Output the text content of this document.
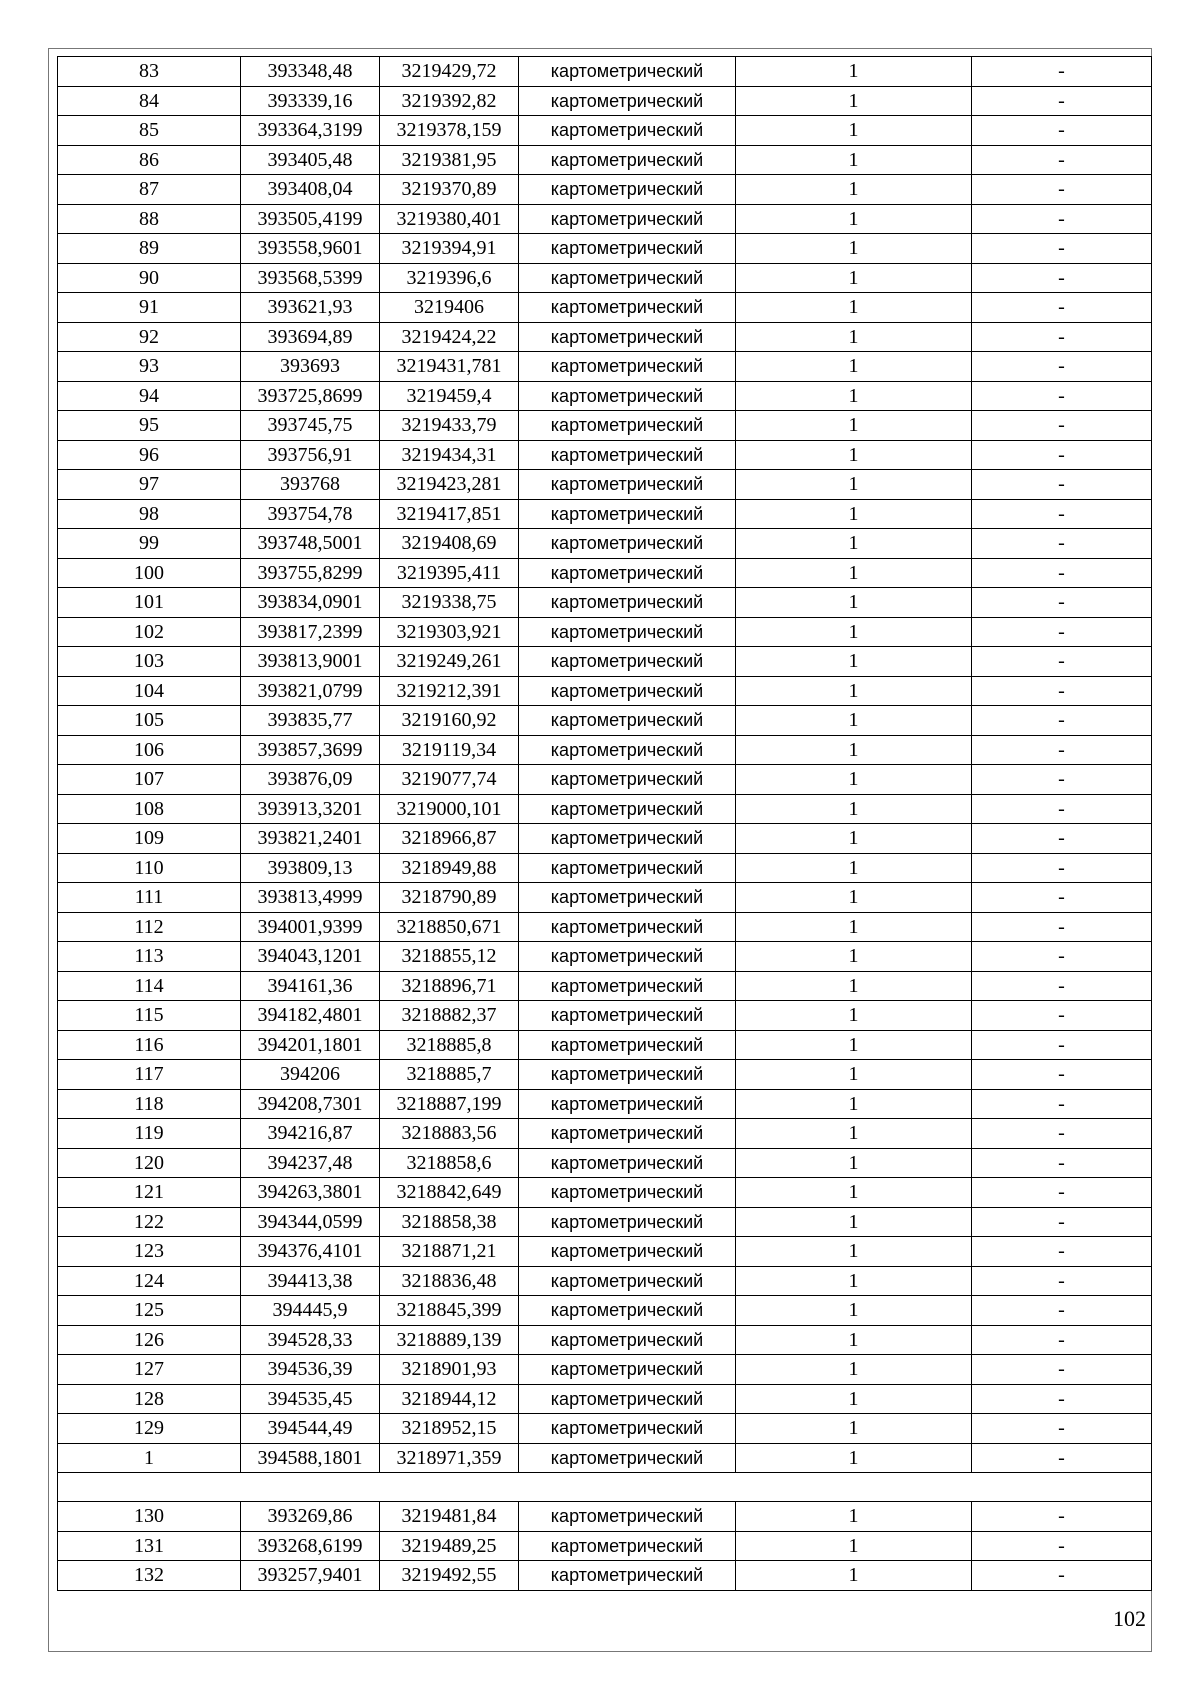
83	393348,48	3219429,72	картометрический	1	-
84	393339,16	3219392,82	картометрический	1	-
85	393364,3199	3219378,159	картометрический	1	-
86	393405,48	3219381,95	картометрический	1	-
87	393408,04	3219370,89	картометрический	1	-
88	393505,4199	3219380,401	картометрический	1	-
89	393558,9601	3219394,91	картометрический	1	-
90	393568,5399	3219396,6	картометрический	1	-
91	393621,93	3219406	картометрический	1	-
92	393694,89	3219424,22	картометрический	1	-
93	393693	3219431,781	картометрический	1	-
94	393725,8699	3219459,4	картометрический	1	-
95	393745,75	3219433,79	картометрический	1	-
96	393756,91	3219434,31	картометрический	1	-
97	393768	3219423,281	картометрический	1	-
98	393754,78	3219417,851	картометрический	1	-
99	393748,5001	3219408,69	картометрический	1	-
100	393755,8299	3219395,411	картометрический	1	-
101	393834,0901	3219338,75	картометрический	1	-
102	393817,2399	3219303,921	картометрический	1	-
103	393813,9001	3219249,261	картометрический	1	-
104	393821,0799	3219212,391	картометрический	1	-
105	393835,77	3219160,92	картометрический	1	-
106	393857,3699	3219119,34	картометрический	1	-
107	393876,09	3219077,74	картометрический	1	-
108	393913,3201	3219000,101	картометрический	1	-
109	393821,2401	3218966,87	картометрический	1	-
110	393809,13	3218949,88	картометрический	1	-
111	393813,4999	3218790,89	картометрический	1	-
112	394001,9399	3218850,671	картометрический	1	-
113	394043,1201	3218855,12	картометрический	1	-
114	394161,36	3218896,71	картометрический	1	-
115	394182,4801	3218882,37	картометрический	1	-
116	394201,1801	3218885,8	картометрический	1	-
117	394206	3218885,7	картометрический	1	-
118	394208,7301	3218887,199	картометрический	1	-
119	394216,87	3218883,56	картометрический	1	-
120	394237,48	3218858,6	картометрический	1	-
121	394263,3801	3218842,649	картометрический	1	-
122	394344,0599	3218858,38	картометрический	1	-
123	394376,4101	3218871,21	картометрический	1	-
124	394413,38	3218836,48	картометрический	1	-
125	394445,9	3218845,399	картометрический	1	-
126	394528,33	3218889,139	картометрический	1	-
127	394536,39	3218901,93	картометрический	1	-
128	394535,45	3218944,12	картометрический	1	-
129	394544,49	3218952,15	картометрический	1	-
1	394588,1801	3218971,359	картометрический	1	-

130	393269,86	3219481,84	картометрический	1	-
131	393268,6199	3219489,25	картометрический	1	-
132	393257,9401	3219492,55	картометрический	1	-
102
